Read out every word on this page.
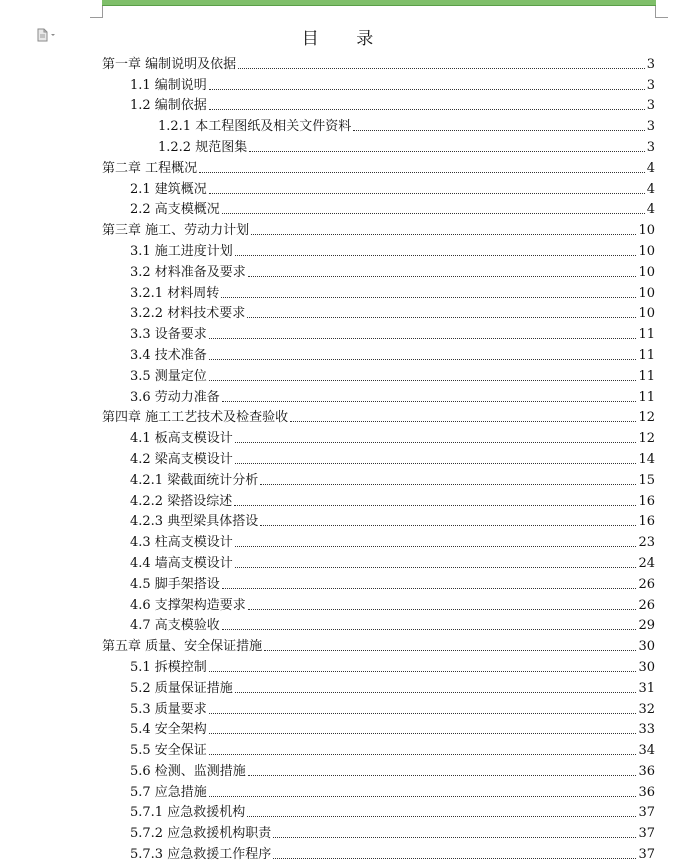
目 录
第一章 编制说明及依据	3
1.1 编制说明	3
1.2 编制依据	3
1.2.1 本工程图纸及相关文件资料	3
1.2.2 规范图集	3
第二章 工程概况	4
2.1 建筑概况	4
2.2 高支模概况	4
第三章 施工、劳动力计划	10
3.1 施工进度计划	10
3.2 材料准备及要求	10
3.2.1 材料周转	10
3.2.2 材料技术要求	10
3.3 设备要求	11
3.4 技术准备	11
3.5 测量定位	11
3.6 劳动力准备	11
第四章 施工工艺技术及检查验收	12
4.1 板高支模设计	12
4.2 梁高支模设计	14
4.2.1 梁截面统计分析	15
4.2.2 梁搭设综述	16
4.2.3 典型梁具体搭设	16
4.3 柱高支模设计	23
4.4 墙高支模设计	24
4.5 脚手架搭设	26
4.6 支撑架构造要求	26
4.7 高支模验收	29
第五章 质量、安全保证措施	30
5.1 拆模控制	30
5.2 质量保证措施	31
5.3 质量要求	32
5.4 安全架构	33
5.5 安全保证	34
5.6 检测、监测措施	36
5.7 应急措施	36
5.7.1 应急救援机构	37
5.7.2 应急救援机构职责	37
5.7.3 应急救援工作程序	37
